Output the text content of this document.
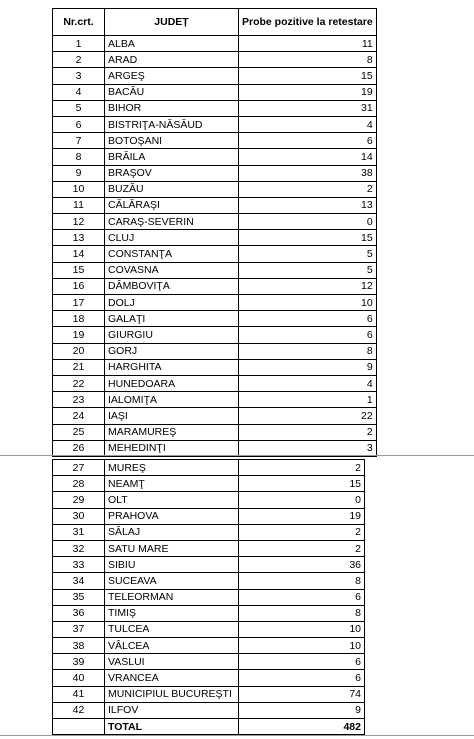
Nr.crt.	JUDEȚ	Probe pozitive la retestare
1	ALBA	11
2	ARAD	8
3	ARGEŞ	15
4	BACĂU	19
5	BIHOR	31
6	BISTRIŢA-NĂSĂUD	4
7	BOTOŞANI	6
8	BRĂILA	14
9	BRAŞOV	38
10	BUZĂU	2
11	CĂLĂRAŞI	13
12	CARAŞ-SEVERIN	0
13	CLUJ	15
14	CONSTANŢA	5
15	COVASNA	5
16	DÂMBOVIŢA	12
17	DOLJ	10
18	GALAŢI	6
19	GIURGIU	6
20	GORJ	8
21	HARGHITA	9
22	HUNEDOARA	4
23	IALOMIŢA	1
24	IAŞI	22
25	MARAMUREŞ	2
26	MEHEDINŢI	3
27	MUREŞ	2
28	NEAMŢ	15
29	OLT	0
30	PRAHOVA	19
31	SĂLAJ	2
32	SATU MARE	2
33	SIBIU	36
34	SUCEAVA	8
35	TELEORMAN	6
36	TIMIŞ	8
37	TULCEA	10
38	VÂLCEA	10
39	VASLUI	6
40	VRANCEA	6
41	MUNICIPIUL BUCUREŞTI	74
42	ILFOV	9
	TOTAL	482
